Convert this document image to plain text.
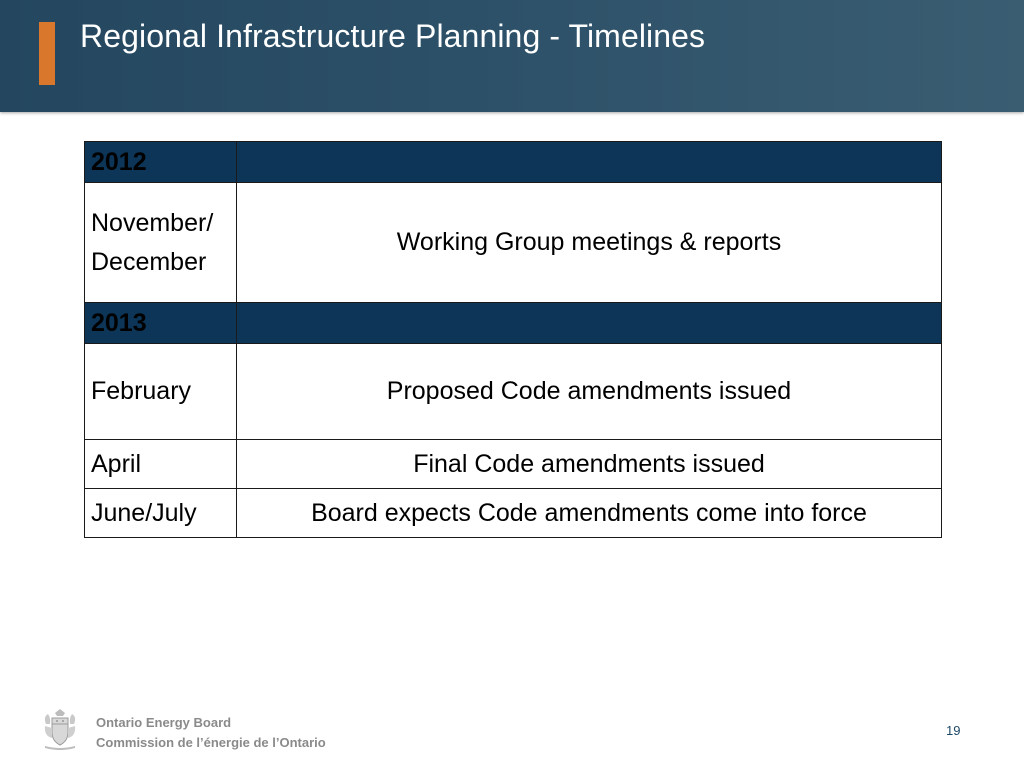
Regional Infrastructure Planning - Timelines
2012	
November/ December	Working Group meetings & reports
2013	
February	Proposed Code amendments issued
April	Final Code amendments issued
June/July	Board expects Code amendments come into force
Ontario Energy Board
Commission de l’énergie de l’Ontario
19
